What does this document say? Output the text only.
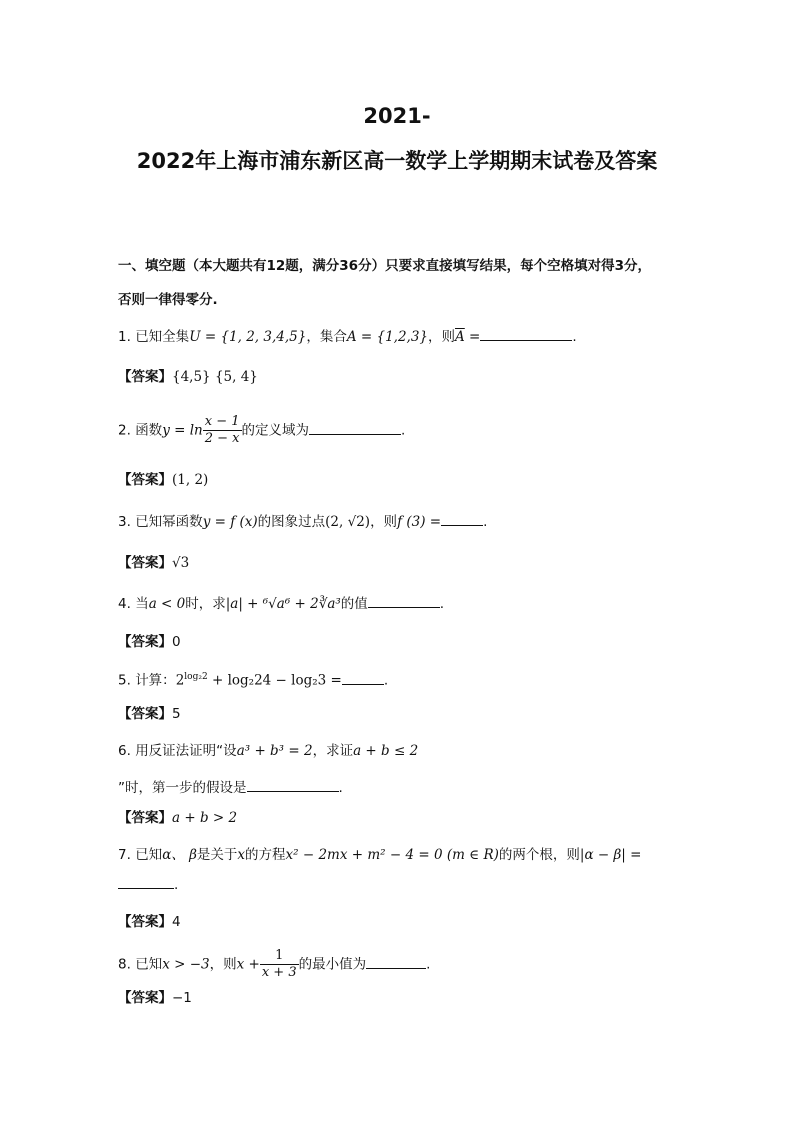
2021-
2022年上海市浦东新区高一数学上学期期末试卷及答案
一、填空题（本大题共有12题，满分36分）只要求直接填写结果，每个空格填对得3分，
否则一律得零分.
1. 已知全集U = {1, 2, 3,4,5}，集合A = {1,2,3}，则$\overline{A}$ =	.
【答案】{4,5} {5, 4}
2. 函数$y = \ln \frac{x - 1}{2 - x}$ 的定义域为	.
【答案】(1, 2)
3. 已知幂函数y = f (x)的图象过点(2, √2)，则f (3) =	.
【答案】√3
4. 当a < 0时，求|a| + ⁶√a⁶ + 2∛a³的值	.
【答案】0
5. 计算：$2^{log_22} + \log_224 - \log_23$ =	.
【答案】5
6. 用反证法证明“设a³ + b³ = 2，求证a + b ≤ 2
”时，第一步的假设是	.
【答案】a + b > 2
7. 已知α、 β是关于x的方程x² − 2mx + m² − 4 = 0 (m ∈ R)的两个根，则|α − β| =
.
【答案】4
8. 已知x > −3，则$x + \frac{1}{x + 3}$ 的最小值为	.
【答案】−1
